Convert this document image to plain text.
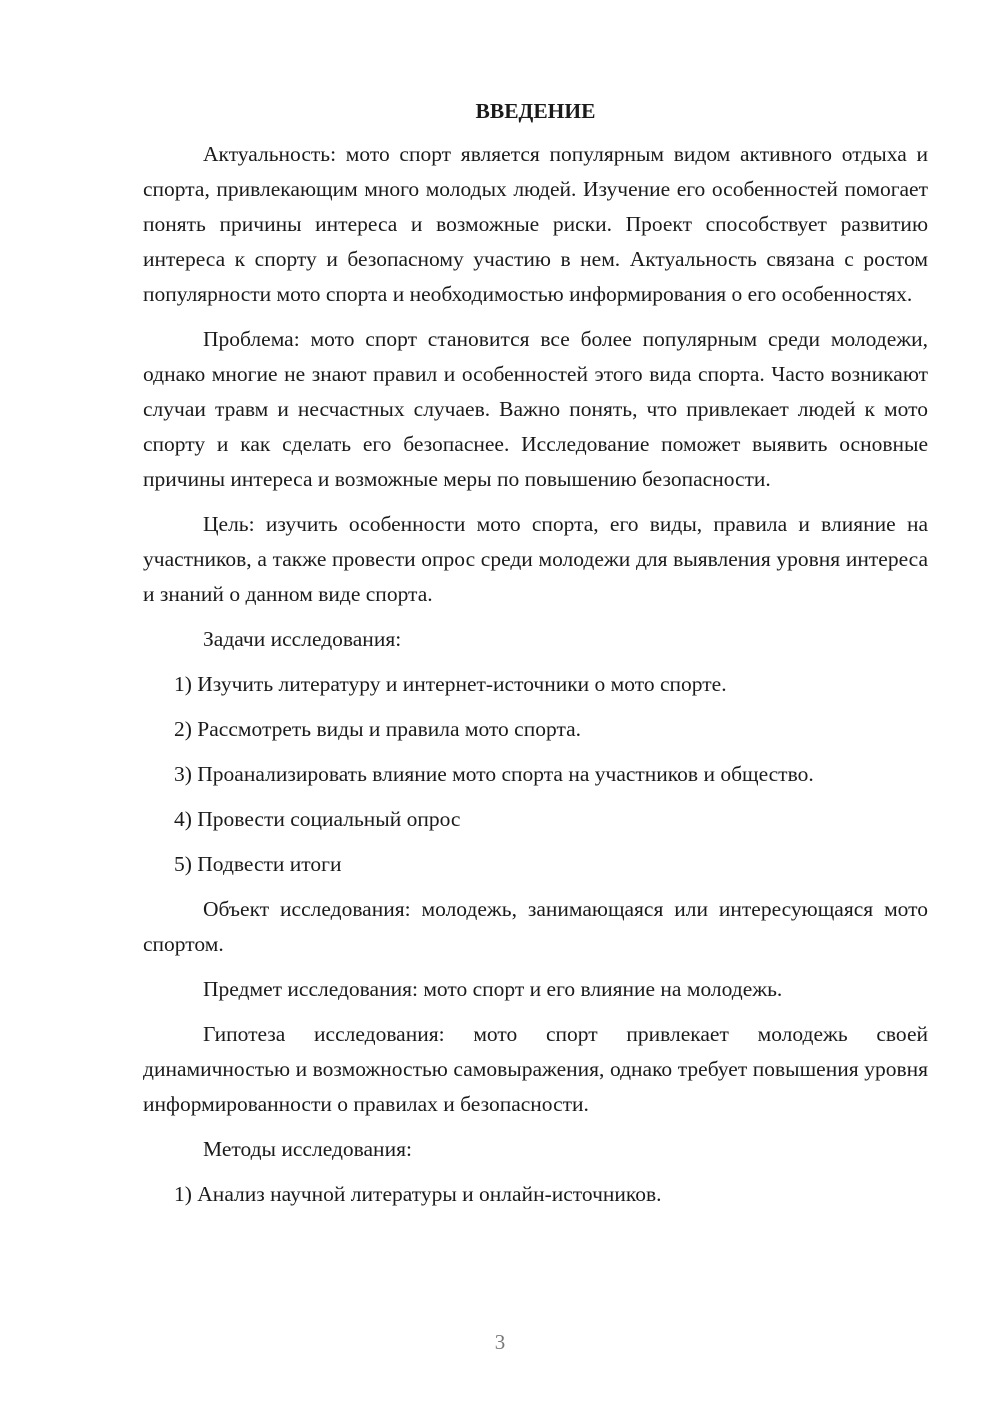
ВВЕДЕНИЕ

Актуальность: мото спорт является популярным видом активного отдыха и спорта, привлекающим много молодых людей. Изучение его особенностей помогает понять причины интереса и возможные риски. Проект способствует развитию интереса к спорту и безопасному участию в нем. Актуальность связана с ростом популярности мото спорта и необходимостью информирования о его особенностях.

Проблема: мото спорт становится все более популярным среди молодежи, однако многие не знают правил и особенностей этого вида спорта. Часто возникают случаи травм и несчастных случаев. Важно понять, что привлекает людей к мото спорту и как сделать его безопаснее. Исследование поможет выявить основные причины интереса и возможные меры по повышению безопасности.

Цель: изучить особенности мото спорта, его виды, правила и влияние на участников, а также провести опрос среди молодежи для выявления уровня интереса и знаний о данном виде спорта.

Задачи исследования:

1) Изучить литературу и интернет-источники о мото спорте.

2) Рассмотреть виды и правила мото спорта.

3) Проанализировать влияние мото спорта на участников и общество.

4) Провести социальный опрос

5) Подвести итоги

Объект исследования: молодежь, занимающаяся или интересующаяся мото спортом.

Предмет исследования: мото спорт и его влияние на молодежь.

Гипотеза исследования: мото спорт привлекает молодежь своей динамичностью и возможностью самовыражения, однако требует повышения уровня информированности о правилах и безопасности.

Методы исследования:

1) Анализ научной литературы и онлайн-источников.

3
